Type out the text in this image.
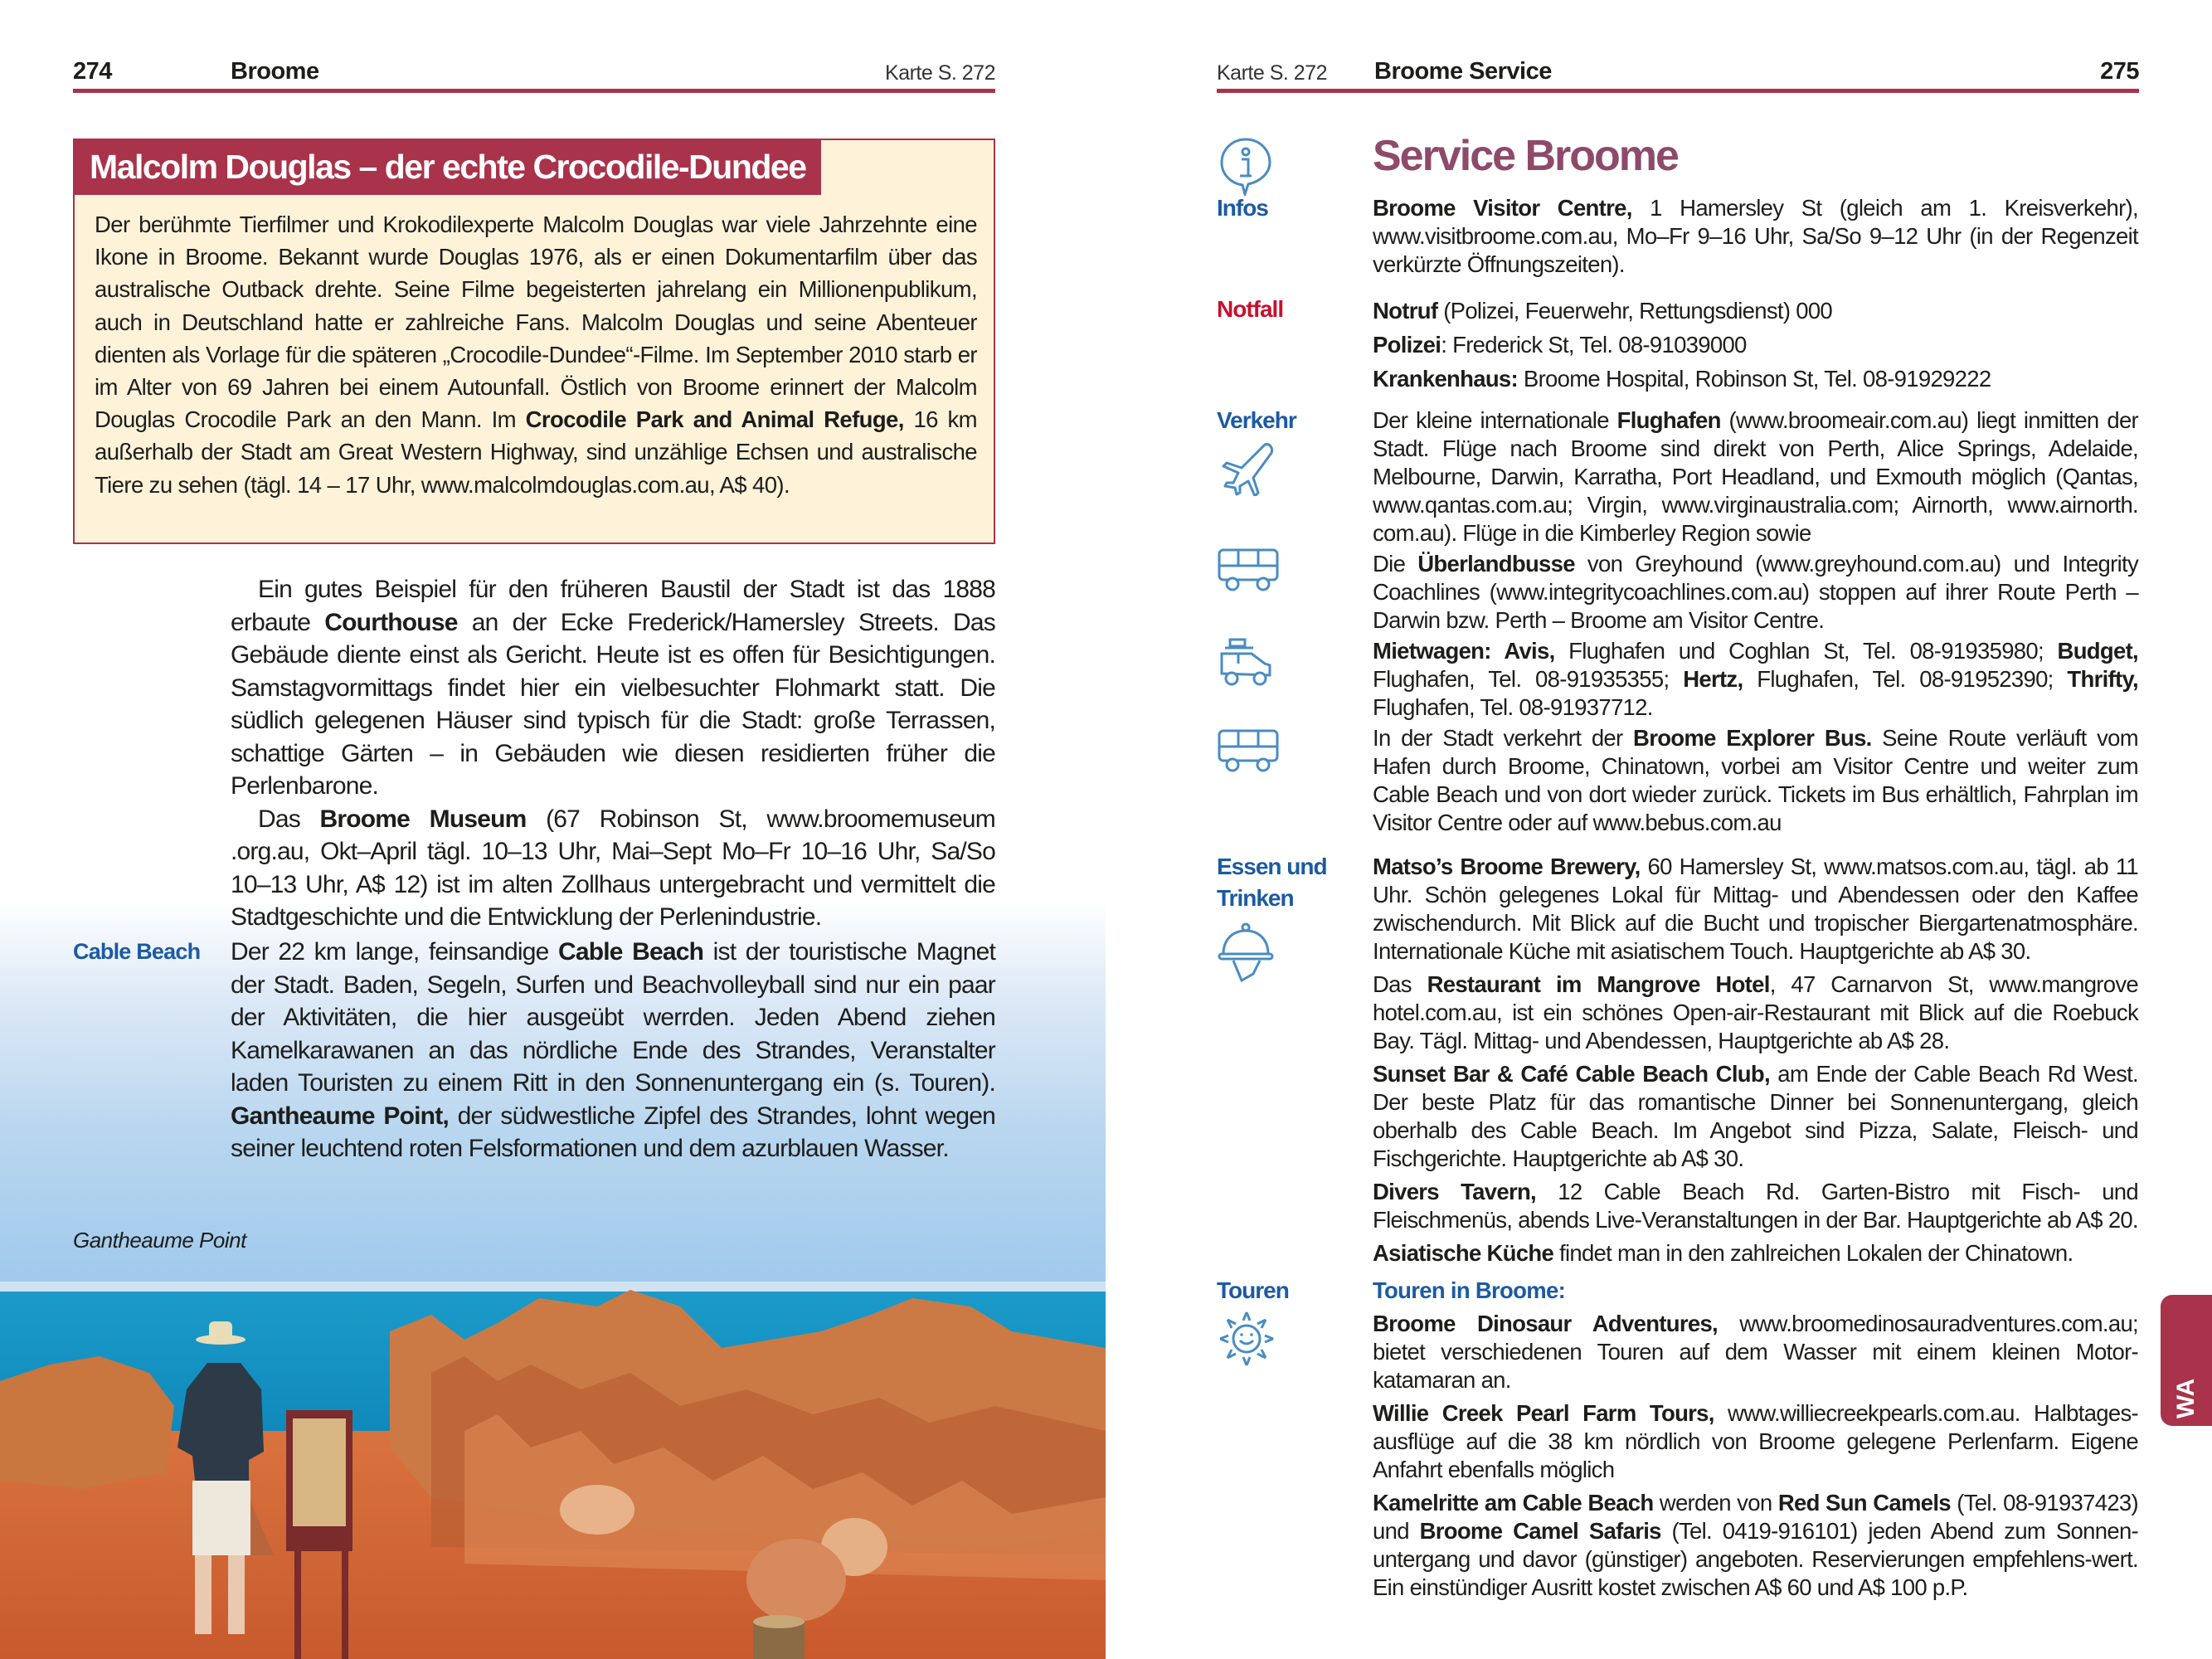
274	Broome	Karte S. 272
Malcolm Douglas – der echte Crocodile-Dundee
Der berühmte Tierfilmer und Krokodilexperte Malcolm Douglas war viele Jahrzehnte eine Ikone in Broome. Bekannt wurde Douglas 1976, als er einen Dokumentarfilm über das australische Outback drehte. Seine Filme begeisterten jahrelang ein Millionenpublikum, auch in Deutschland hatte er zahlreiche Fans. Malcolm Douglas und seine Abenteuer dienten als Vorlage für die späteren „Crocodile-Dundee“-Filme. Im September 2010 starb er im Alter von 69 Jahren bei einem Autounfall. Östlich von Broome erinnert der Malcolm Douglas Crocodile Park an den Mann. Im Crocodile Park and Animal Refuge, 16 km außerhalb der Stadt am Great Western Highway, sind unzählige Echsen und australische Tiere zu sehen (tägl. 14 – 17 Uhr, www.malcolmdouglas.com.au, A$ 40).

Ein gutes Beispiel für den früheren Baustil der Stadt ist das 1888 erbaute Courthouse an der Ecke Frederick/Hamersley Streets. Das Gebäude diente einst als Gericht. Heute ist es offen für Besichtigungen. Samstagvormittags findet hier ein vielbesuchter Flohmarkt statt. Die südlich gelegenen Häuser sind typisch für die Stadt: große Terrassen, schattige Gärten – in Gebäuden wie diesen residierten früher die Perlenbarone.

Das Broome Museum (67 Robinson St, www.broomemuseum .org.au, Okt–April tägl. 10–13 Uhr, Mai–Sept Mo–Fr 10–16 Uhr, Sa/So 10–13 Uhr, A$ 12) ist im alten Zollhaus untergebracht und vermittelt die Stadtgeschichte und die Entwicklung der Perlenindustrie.

Cable Beach Der 22 km lange, feinsandige Cable Beach ist der touristische Magnet der Stadt. Baden, Segeln, Surfen und Beachvolleyball sind nur ein paar der Aktivitäten, die hier ausgeübt werrden. Jeden Abend ziehen Kamelkarawanen an das nördliche Ende des Strandes, Veranstalter laden Touristen zu einem Ritt in den Sonnenuntergang ein (s. Touren). Gantheaume Point, der südwestliche Zipfel des Strandes, lohnt wegen seiner leuchtend roten Felsformationen und dem azurblauen Wasser.

Gantheaume Point
Karte S. 272	Broome Service	275
Service Broome
Infos	Broome Visitor Centre, 1 Hamersley St (gleich am 1. Kreisverkehr), www.visitbroome.com.au, Mo–Fr 9–16 Uhr, Sa/So 9–12 Uhr (in der Regenzeit verkürzte Öffnungszeiten).

Notfall	Notruf (Polizei, Feuerwehr, Rettungsdienst) 000

Polizei: Frederick St, Tel. 08-91039000

Krankenhaus: Broome Hospital, Robinson St, Tel. 08-91929222

Verkehr	Der kleine internationale Flughafen (www.broomeair.com.au) liegt inmitten der Stadt. Flüge nach Broome sind direkt von Perth, Alice Springs, Adelaide, Melbourne, Darwin, Karratha, Port Headland, und Exmouth möglich (Qantas, www.qantas.com.au; Virgin, www.virginaustralia.com; Airnorth, www.airnorth. com.au). Flüge in die Kimberley Region sowie

Die Überlandbusse von Greyhound (www.greyhound.com.au) und Integrity Coachlines (www.integritycoachlines.com.au) stoppen auf ihrer Route Perth – Darwin bzw. Perth – Broome am Visitor Centre.

Mietwagen: Avis, Flughafen und Coghlan St, Tel. 08-91935980; Budget, Flughafen, Tel. 08-91935355; Hertz, Flughafen, Tel. 08-91952390; Thrifty, Flughafen, Tel. 08-91937712.

In der Stadt verkehrt der Broome Explorer Bus. Seine Route verläuft vom Hafen durch Broome, Chinatown, vorbei am Visitor Centre und weiter zum Cable Beach und von dort wieder zurück. Tickets im Bus erhältlich, Fahrplan im Visitor Centre oder auf www.bebus.com.au

Essen und
Trinken

Matso’s Broome Brewery, 60 Hamersley St, www.matsos.com.au, tägl. ab 11 Uhr. Schön gelegenes Lokal für Mittag- und Abendessen oder den Kaffee zwischendurch. Mit Blick auf die Bucht und tropischer Biergartenatmosphäre. Internationale Küche mit asiatischem Touch. Hauptgerichte ab A$ 30.

Das Restaurant im Mangrove Hotel, 47 Carnarvon St, www.mangrove hotel.com.au, ist ein schönes Open-air-Restaurant mit Blick auf die Roebuck Bay. Tägl. Mittag- und Abendessen, Hauptgerichte ab A$ 28.

Sunset Bar & Café Cable Beach Club, am Ende der Cable Beach Rd West. Der beste Platz für das romantische Dinner bei Sonnenuntergang, gleich oberhalb des Cable Beach. Im Angebot sind Pizza, Salate, Fleisch- und Fischgerichte. Hauptgerichte ab A$ 30.

Divers Tavern, 12 Cable Beach Rd. Garten-Bistro mit Fisch- und Fleischmenüs, abends Live-Veranstaltungen in der Bar. Hauptgerichte ab A$ 20.

Asiatische Küche findet man in den zahlreichen Lokalen der Chinatown.

Touren	Touren in Broome:

Broome Dinosaur Adventures, www.broomedinosauradventures.com.au; bietet verschiedenen Touren auf dem Wasser mit einem kleinen Motor-katamaran an.

Willie Creek Pearl Farm Tours, www.williecreekpearls.com.au. Halbtages-ausflüge auf die 38 km nördlich von Broome gelegene Perlenfarm. Eigene Anfahrt ebenfalls möglich

Kamelritte am Cable Beach werden von Red Sun Camels (Tel. 08-91937423) und Broome Camel Safaris (Tel. 0419-916101) jeden Abend zum Sonnen-untergang und davor (günstiger) angeboten. Reservierungen empfehlens-wert. Ein einstündiger Ausritt kostet zwischen A$ 60 und A$ 100 p.P.

WA
